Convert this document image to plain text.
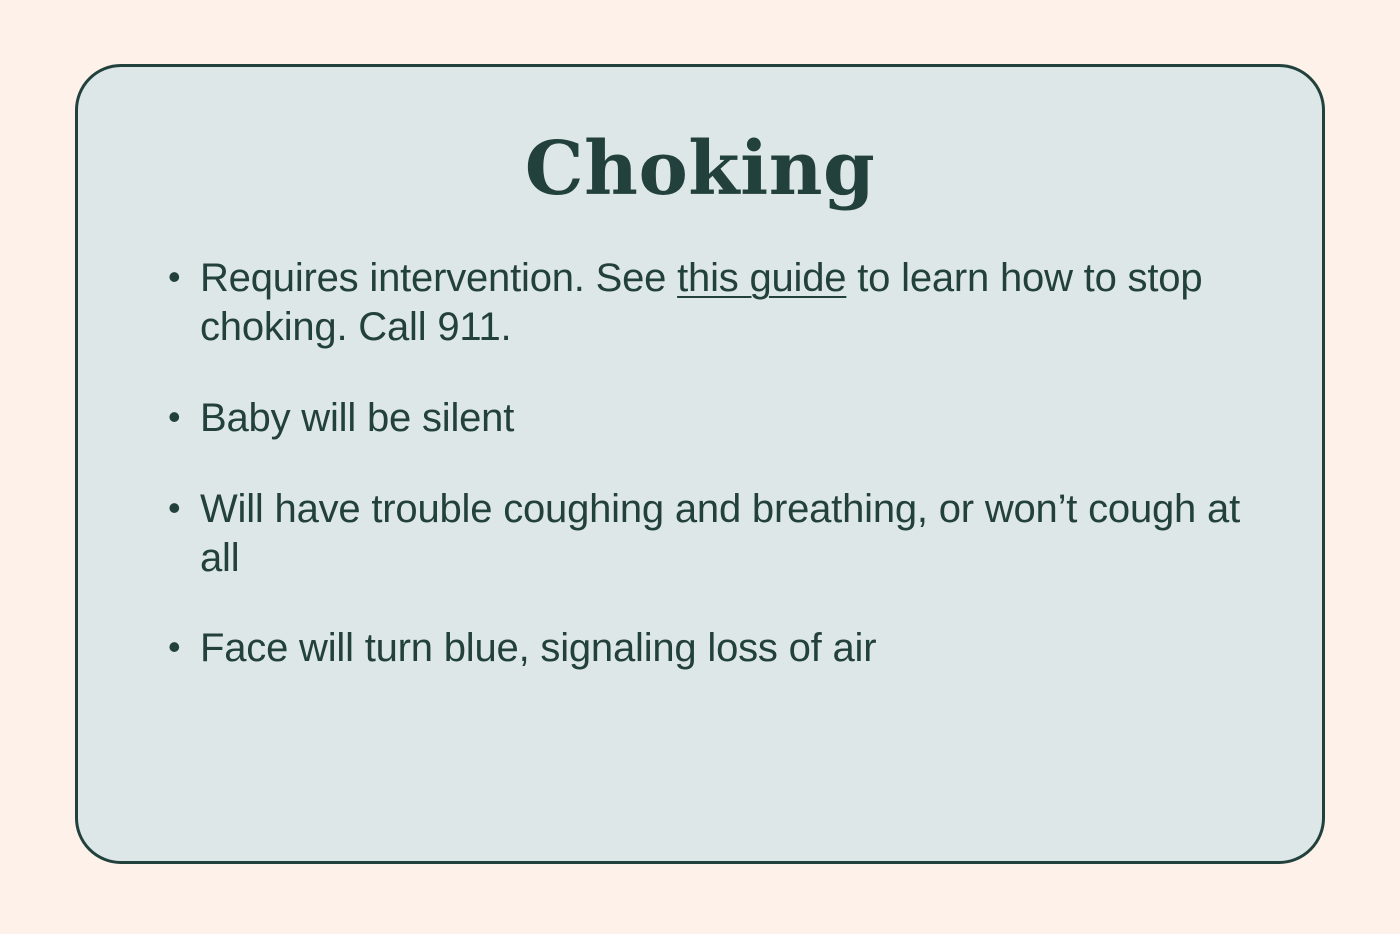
Choking
• Requires intervention. See this guide to learn how to stop choking. Call 911.
• Baby will be silent
• Will have trouble coughing and breathing, or won’t cough at all
• Face will turn blue, signaling loss of air
